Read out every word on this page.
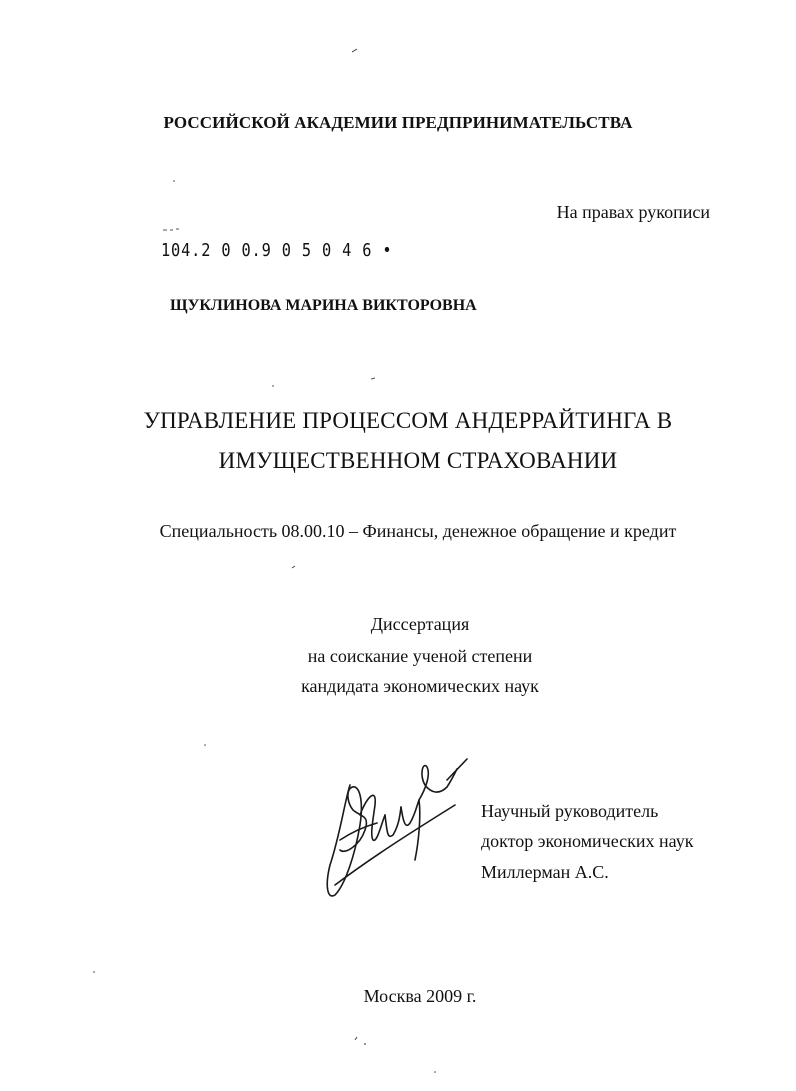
РОССИЙСКОЙ АКАДЕМИИ ПРЕДПРИНИМАТЕЛЬСТВА
На правах рукописи
104.2 0 0.9 0 5 0 4 6 •
ЩУКЛИНОВА МАРИНА ВИКТОРОВНА
УПРАВЛЕНИЕ ПРОЦЕССОМ АНДЕРРАЙТИНГА В
ИМУЩЕСТВЕННОМ СТРАХОВАНИИ
Специальность 08.00.10 – Финансы, денежное обращение и кредит
Диссертация
на соискание ученой степени
кандидата экономических наук
Научный руководитель
доктор экономических наук
Миллерман А.С.
Москва 2009 г.
